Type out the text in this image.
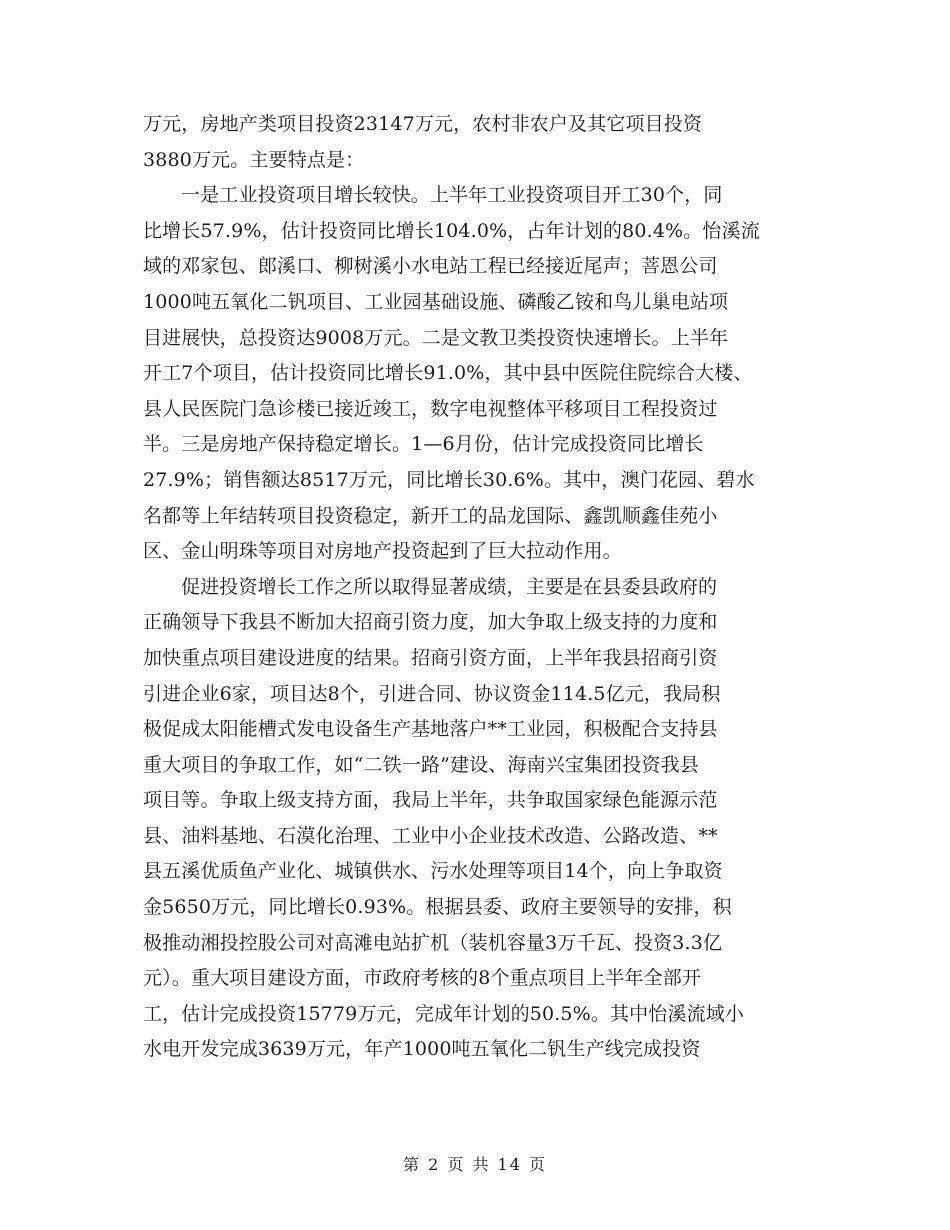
万元，房地产类项目投资23147万元，农村非农户及其它项目投资
3880万元。主要特点是：
一是工业投资项目增长较快。上半年工业投资项目开工30个，同
比增长57.9%，估计投资同比增长104.0%，占年计划的80.4%。怡溪流
域的邓家包、郎溪口、柳树溪小水电站工程已经接近尾声；菩恩公司
1000吨五氧化二钒项目、工业园基础设施、磷酸乙铵和鸟儿巢电站项
目进展快，总投资达9008万元。二是文教卫类投资快速增长。上半年
开工7个项目，估计投资同比增长91.0%，其中县中医院住院综合大楼、
县人民医院门急诊楼已接近竣工，数字电视整体平移项目工程投资过
半。三是房地产保持稳定增长。1—6月份，估计完成投资同比增长
27.9%；销售额达8517万元，同比增长30.6%。其中，澳门花园、碧水
名都等上年结转项目投资稳定，新开工的品龙国际、鑫凯顺鑫佳苑小
区、金山明珠等项目对房地产投资起到了巨大拉动作用。
促进投资增长工作之所以取得显著成绩，主要是在县委县政府的
正确领导下我县不断加大招商引资力度，加大争取上级支持的力度和
加快重点项目建设进度的结果。招商引资方面，上半年我县招商引资
引进企业6家，项目达8个，引进合同、协议资金114.5亿元，我局积
极促成太阳能槽式发电设备生产基地落户**工业园，积极配合支持县
重大项目的争取工作，如“二铁一路”建设、海南兴宝集团投资我县
项目等。争取上级支持方面，我局上半年，共争取国家绿色能源示范
县、油料基地、石漠化治理、工业中小企业技术改造、公路改造、**
县五溪优质鱼产业化、城镇供水、污水处理等项目14个，向上争取资
金5650万元，同比增长0.93%。根据县委、政府主要领导的安排，积
极推动湘投控股公司对高滩电站扩机（装机容量3万千瓦、投资3.3亿
元）。重大项目建设方面，市政府考核的8个重点项目上半年全部开
工，估计完成投资15779万元，完成年计划的50.5%。其中怡溪流域小
水电开发完成3639万元，年产1000吨五氧化二钒生产线完成投资
第 2 页 共 14 页
